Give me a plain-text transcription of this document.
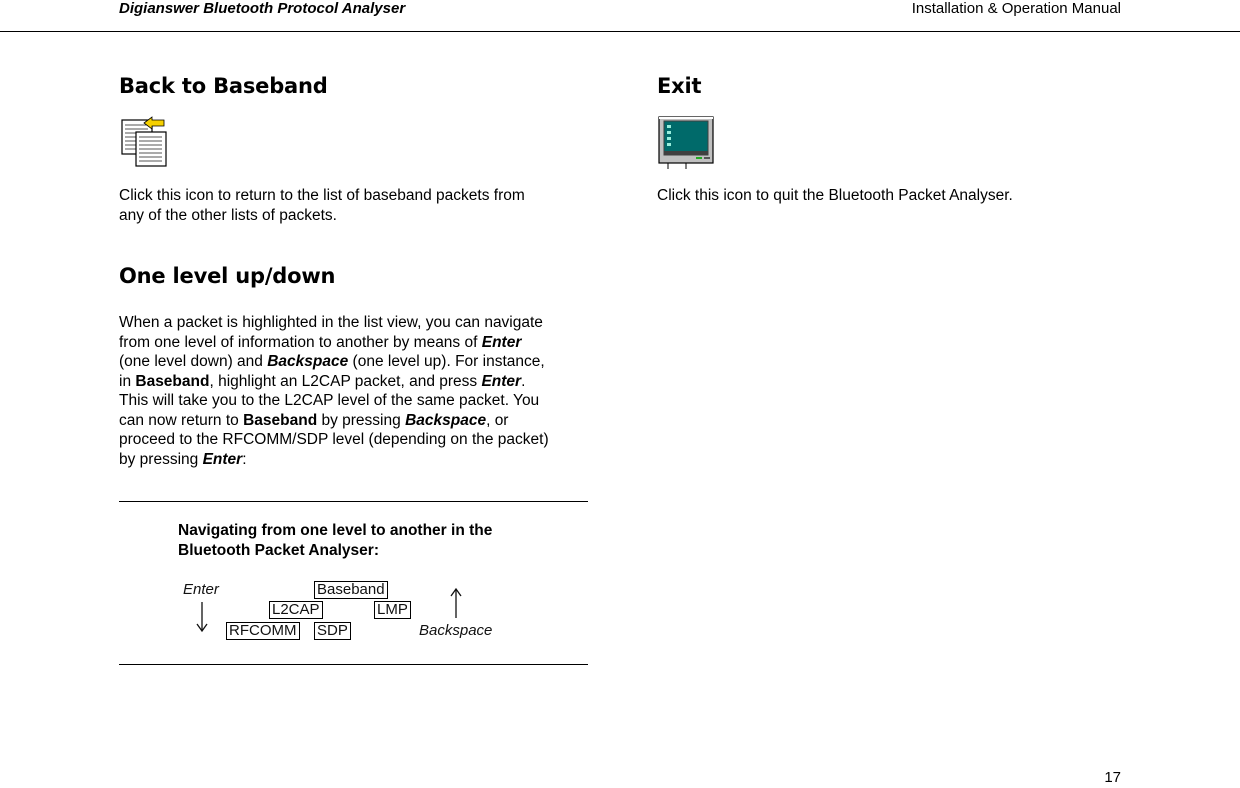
Digianswer Bluetooth Protocol Analyser	Installation & Operation Manual
Back to Baseband
Click this icon to return to the list of baseband packets from
any of the other lists of packets.
One level up/down
When a packet is highlighted in the list view, you can navigate
from one level of information to another by means of Enter
(one level down) and Backspace (one level up). For instance,
in Baseband, highlight an L2CAP packet, and press Enter.
This will take you to the L2CAP level of the same packet. You
can now return to Baseband by pressing Backspace, or
proceed to the RFCOMM/SDP level (depending on the packet)
by pressing Enter:
Navigating from one level to another in the
Bluetooth Packet Analyser:
Enter	Baseband
L2CAP	LMP
RFCOMM SDP	Backspace
Exit
Click this icon to quit the Bluetooth Packet Analyser.
17
